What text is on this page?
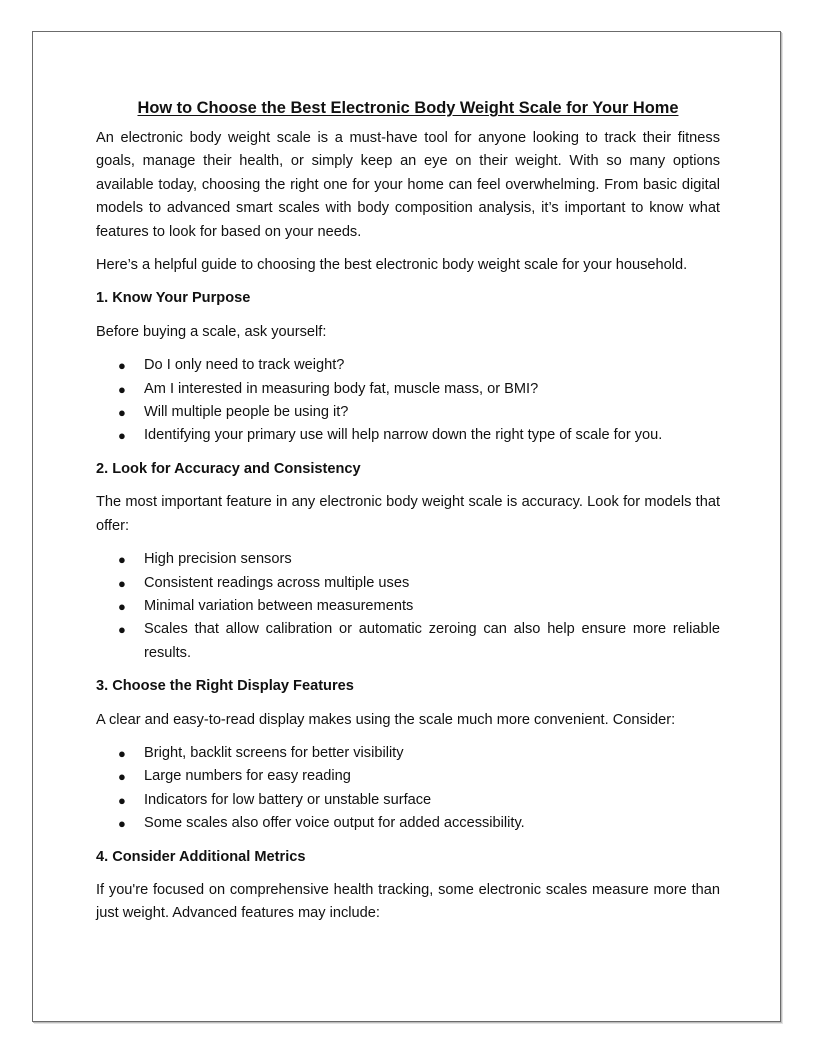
How to Choose the Best Electronic Body Weight Scale for Your Home

An electronic body weight scale is a must-have tool for anyone looking to track their fitness goals, manage their health, or simply keep an eye on their weight. With so many options available today, choosing the right one for your home can feel overwhelming. From basic digital models to advanced smart scales with body composition analysis, it’s important to know what features to look for based on your needs.

Here’s a helpful guide to choosing the best electronic body weight scale for your household.

1. Know Your Purpose

Before buying a scale, ask yourself:

● Do I only need to track weight?
● Am I interested in measuring body fat, muscle mass, or BMI?
● Will multiple people be using it?
● Identifying your primary use will help narrow down the right type of scale for you.
2. Look for Accuracy and Consistency

The most important feature in any electronic body weight scale is accuracy. Look for models that offer:

● High precision sensors
● Consistent readings across multiple uses
● Minimal variation between measurements
● Scales that allow calibration or automatic zeroing can also help ensure more reliable results.
3. Choose the Right Display Features

A clear and easy-to-read display makes using the scale much more convenient. Consider:

● Bright, backlit screens for better visibility
● Large numbers for easy reading
● Indicators for low battery or unstable surface
● Some scales also offer voice output for added accessibility.
4. Consider Additional Metrics

If you're focused on comprehensive health tracking, some electronic scales measure more than just weight. Advanced features may include:
